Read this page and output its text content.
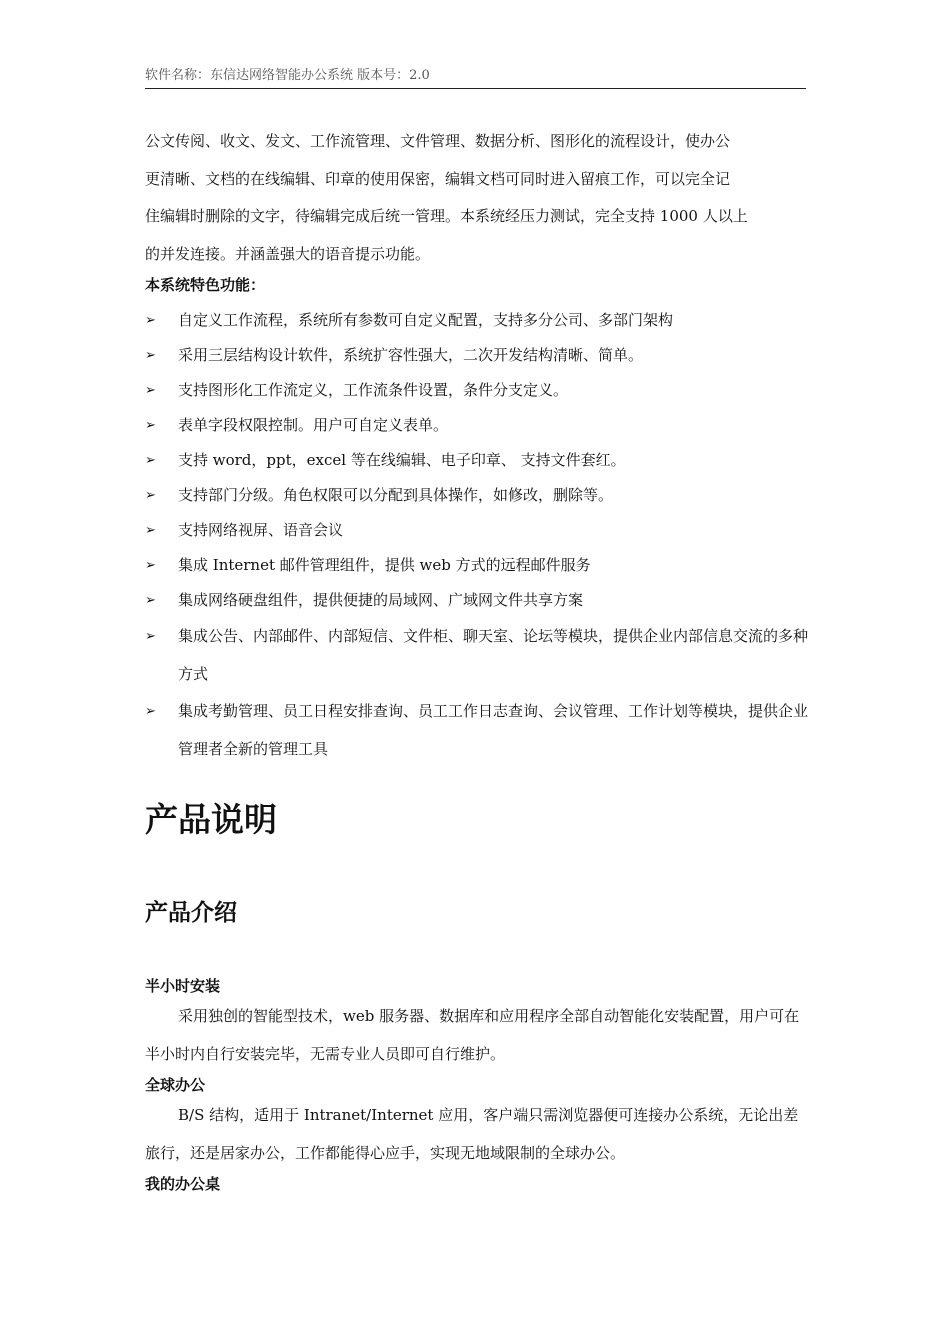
软件名称：东信达网络智能办公系统 版本号：2.0

公文传阅、收文、发文、工作流管理、文件管理、数据分析、图形化的流程设计，使办公

更清晰、文档的在线编辑、印章的使用保密，编辑文档可同时进入留痕工作，可以完全记

住编辑时删除的文字，待编辑完成后统一管理。本系统经压力测试，完全支持 1000 人以上

的并发连接。并涵盖强大的语音提示功能。

本系统特色功能：

➢	自定义工作流程，系统所有参数可自定义配置，支持多分公司、多部门架构
➢	采用三层结构设计软件，系统扩容性强大，二次开发结构清晰、简单。
➢	支持图形化工作流定义，工作流条件设置，条件分支定义。
➢	表单字段权限控制。用户可自定义表单。
➢	支持 word，ppt，excel 等在线编辑、电子印章、 支持文件套红。
➢	支持部门分级。角色权限可以分配到具体操作，如修改，删除等。
➢	支持网络视屏、语音会议
➢	集成 Internet 邮件管理组件，提供 web 方式的远程邮件服务
➢	集成网络硬盘组件，提供便捷的局域网、广域网文件共享方案
➢	集成公告、内部邮件、内部短信、文件柜、聊天室、论坛等模块，提供企业内部信息交流的多种方式
➢	集成考勤管理、员工日程安排查询、员工工作日志查询、会议管理、工作计划等模块，提供企业管理者全新的管理工具
产品说明
产品介绍

半小时安装

采用独创的智能型技术，web 服务器、数据库和应用程序全部自动智能化安装配置，用户可在半小时内自行安装完毕，无需专业人员即可自行维护。

全球办公

B/S 结构，适用于 Intranet/Internet 应用，客户端只需浏览器便可连接办公系统，无论出差旅行，还是居家办公，工作都能得心应手，实现无地域限制的全球办公。

我的办公桌
